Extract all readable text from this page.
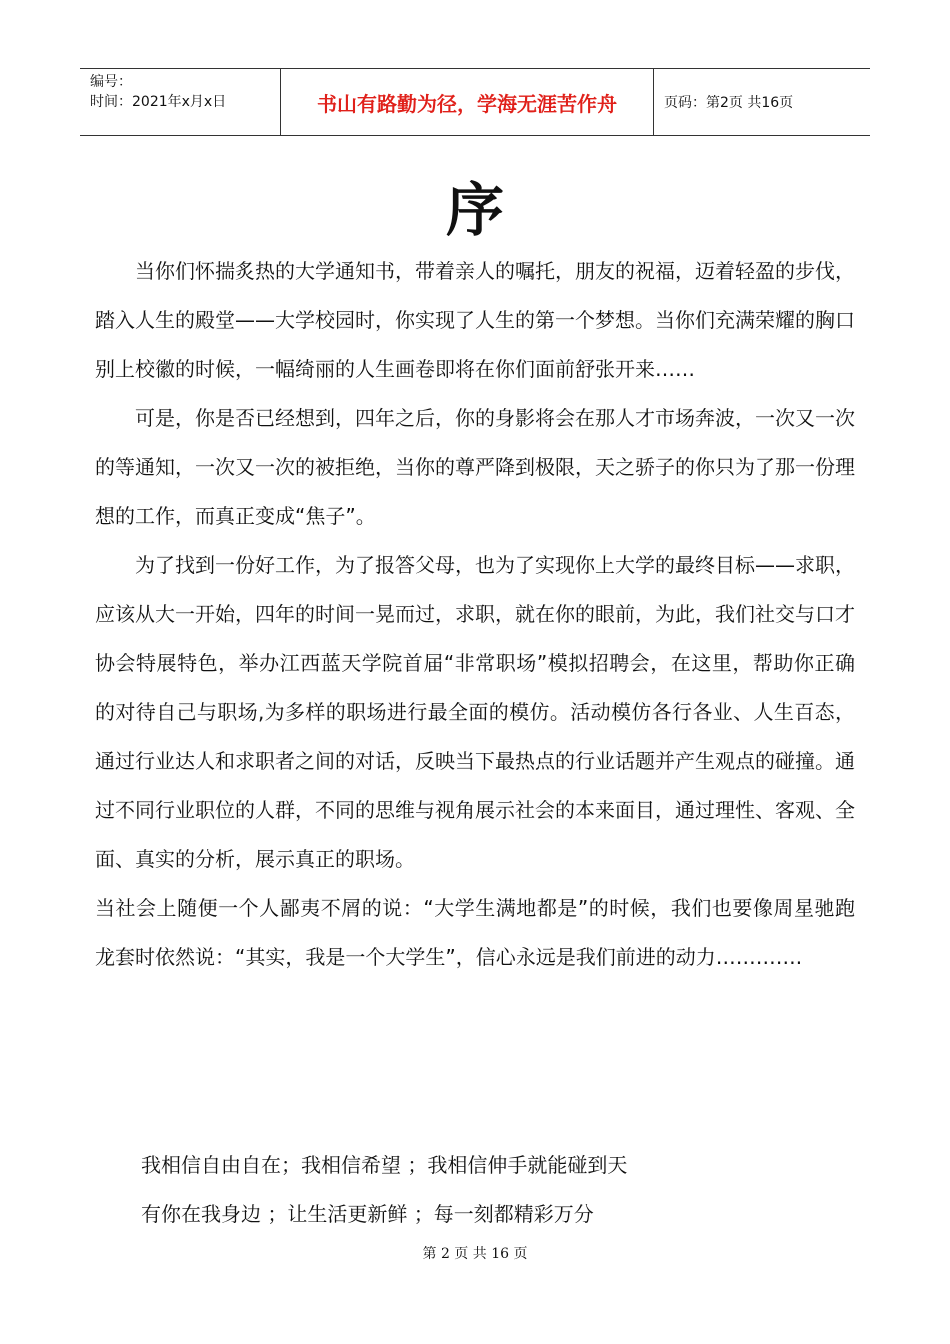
编号：
时间：2021年x月x日	书山有路勤为径，学海无涯苦作舟	页码：第2页 共16页
序

当你们怀揣炙热的大学通知书，带着亲人的嘱托，朋友的祝福，迈着轻盈的步伐，踏入人生的殿堂——大学校园时，你实现了人生的第一个梦想。当你们充满荣耀的胸口别上校徽的时候，一幅绮丽的人生画卷即将在你们面前舒张开来……

可是，你是否已经想到，四年之后，你的身影将会在那人才市场奔波，一次又一次的等通知，一次又一次的被拒绝，当你的尊严降到极限，天之骄子的你只为了那一份理想的工作，而真正变成“焦子”。

为了找到一份好工作，为了报答父母，也为了实现你上大学的最终目标——求职，应该从大一开始，四年的时间一晃而过，求职，就在你的眼前，为此，我们社交与口才协会特展特色，举办江西蓝天学院首届“非常职场”模拟招聘会，在这里，帮助你正确的对待自己与职场,为多样的职场进行最全面的模仿。活动模仿各行各业、人生百态，通过行业达人和求职者之间的对话，反映当下最热点的行业话题并产生观点的碰撞。通过不同行业职位的人群，不同的思维与视角展示社会的本来面目，通过理性、客观、全面、真实的分析，展示真正的职场。

当社会上随便一个人鄙夷不屑的说：“大学生满地都是”的时候，我们也要像周星驰跑龙套时依然说：“其实，我是一个大学生”，信心永远是我们前进的动力………….

我相信自由自在；我相信希望 ；我相信伸手就能碰到天
有你在我身边 ；让生活更新鲜 ；每一刻都精彩万分
第 2 页 共 16 页
